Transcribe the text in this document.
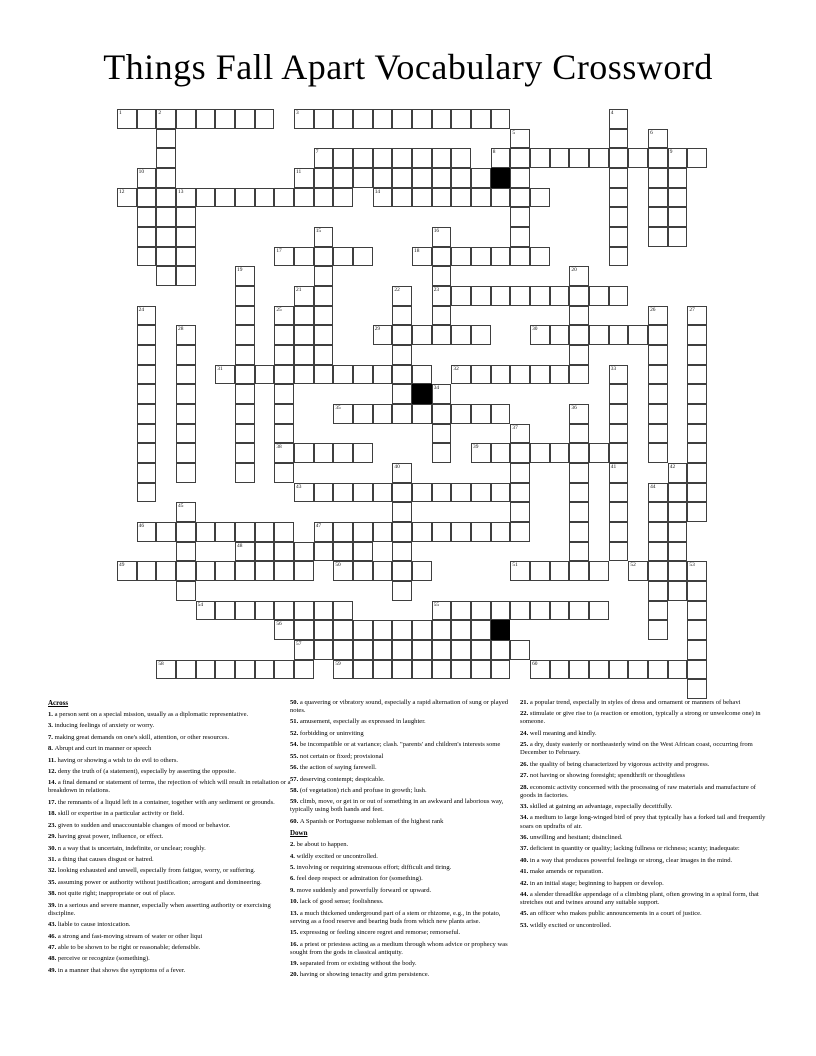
Things Fall Apart Vocabulary Crossword
1	2	3	4
5	6
7	8	9
10	11
12	13	14
15	16
23
17	18
19	20
21	22
24	25
38
26	27
28	29	30
31	32	33
41
34
35	36
37
39
40	42
43	44
45
46	47
48
49	50	51	52	53
54	55
56
57
58	59	60
Across
1. a person sent on a special mission, usually as a diplomatic representative.
3. inducing feelings of anxiety or worry.
7. making great demands on one's skill, attention, or other resources.
8. Abrupt and curt in manner or speech
11. having or showing a wish to do evil to others.
12. deny the truth of (a statement), especially by asserting the opposite.
14. a final demand or statement of terms, the rejection of which will result in retaliation or a breakdown in relations.
17. the remnants of a liquid left in a container, together with any sediment or grounds.
18. skill or expertise in a particular activity or field.
23. given to sudden and unaccountable changes of mood or behavior.
29. having great power, influence, or effect.
30. n a way that is uncertain, indefinite, or unclear; roughly.
31. a thing that causes disgust or hatred.
32. looking exhausted and unwell, especially from fatigue, worry, or suffering.
35. assuming power or authority without justification; arrogant and domineering.
38. not quite right; inappropriate or out of place.
39. in a serious and severe manner, especially when asserting authority or exercising discipline.
43. liable to cause intoxication.
46. a strong and fast-moving stream of water or other liqui
47. able to be shown to be right or reasonable; defensible.
48. perceive or recognize (something).
49. in a manner that shows the symptoms of a fever.
50. a quavering or vibratory sound, especially a rapid alternation of sung or played notes.
51. amusement, especially as expressed in laughter.
52. forbidding or uninviting
54. be incompatible or at variance; clash. "parents' and children's interests some
55. not certain or fixed; provisional
56. the action of saying farewell.
57. deserving contempt; despicable.
58. (of vegetation) rich and profuse in growth; lush.
59. climb, move, or get in or out of something in an awkward and laborious way, typically using both hands and feet.
60. A Spanish or Portuguese nobleman of the highest rank
Down
2. be about to happen.
4. wildly excited or uncontrolled.
5. involving or requiring strenuous effort; difficult and tiring.
6. feel deep respect or admiration for (something).
9. move suddenly and powerfully forward or upward.
10. lack of good sense; foolishness.
13. a much thickened underground part of a stem or rhizome, e.g., in the potato, serving as a food reserve and bearing buds from which new plants arise.
15. expressing or feeling sincere regret and remorse; remorseful.
16. a priest or priestess acting as a medium through whom advice or prophecy was sought from the gods in classical antiquity.
19. separated from or existing without the body.
20. having or showing tenacity and grim persistence.
21. a popular trend, especially in styles of dress and ornament or manners of behavi
22. stimulate or give rise to (a reaction or emotion, typically a strong or unwelcome one) in someone.
24. well meaning and kindly.
25. a dry, dusty easterly or northeasterly wind on the West African coast, occurring from December to February.
26. the quality of being characterized by vigorous activity and progress.
27. not having or showing foresight; spendthrift or thoughtless
28. economic activity concerned with the processing of raw materials and manufacture of goods in factories.
33. skilled at gaining an advantage, especially deceitfully.
34. a medium to large long-winged bird of prey that typically has a forked tail and frequently soars on updrafts of air.
36. unwilling and hesitant; disinclined.
37. deficient in quantity or quality; lacking fullness or richness; scanty; inadequate:
40. in a way that produces powerful feelings or strong, clear images in the mind.
41. make amends or reparation.
42. in an initial stage; beginning to happen or develop.
44. a slender threadlike appendage of a climbing plant, often growing in a spiral form, that stretches out and twines around any suitable support.
45. an officer who makes public announcements in a court of justice.
53. wildly excited or uncontrolled.
